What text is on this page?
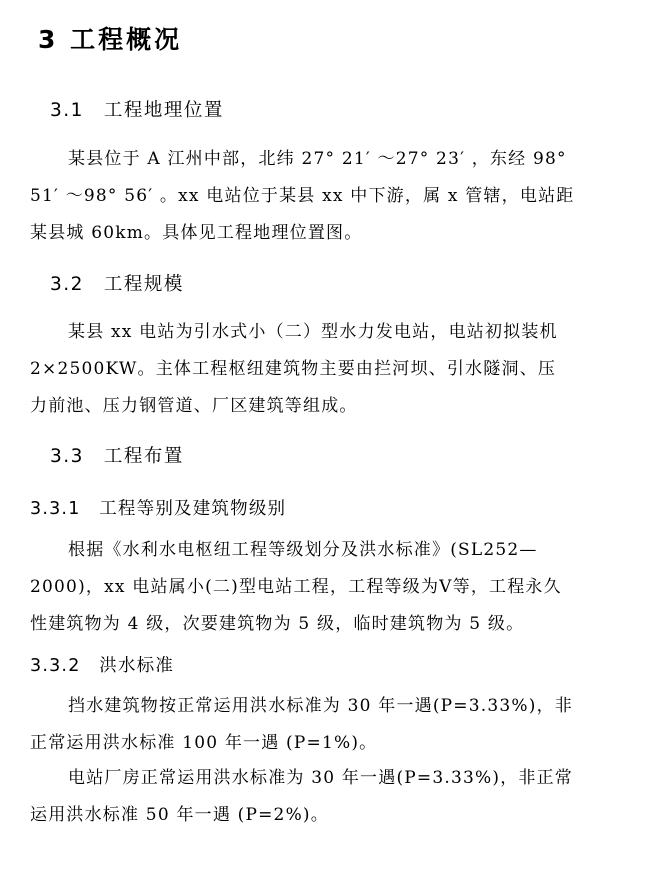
3 工程概况
3.1　工程地理位置
某县位于 A 江州中部，北纬 27° 21′ ～27° 23′ ，东经 98°
51′ ～98° 56′ 。xx 电站位于某县 xx 中下游，属 x 管辖，电站距
某县城 60km。具体见工程地理位置图。
3.2　工程规模
某县 xx 电站为引水式小（二）型水力发电站，电站初拟装机
2×2500KW。主体工程枢纽建筑物主要由拦河坝、引水隧洞、压
力前池、压力钢管道、厂区建筑等组成。
3.3　工程布置
3.3.1　工程等别及建筑物级别
根据《水利水电枢纽工程等级划分及洪水标准》(SL252—
2000)，xx 电站属小(二)型电站工程，工程等级为Ⅴ等，工程永久
性建筑物为 4 级，次要建筑物为 5 级，临时建筑物为 5 级。
3.3.2　洪水标准
挡水建筑物按正常运用洪水标准为 30 年一遇(P=3.33%)，非
正常运用洪水标准 100 年一遇 (P=1%)。
电站厂房正常运用洪水标准为 30 年一遇(P=3.33%)，非正常
运用洪水标准 50 年一遇 (P=2%)。
